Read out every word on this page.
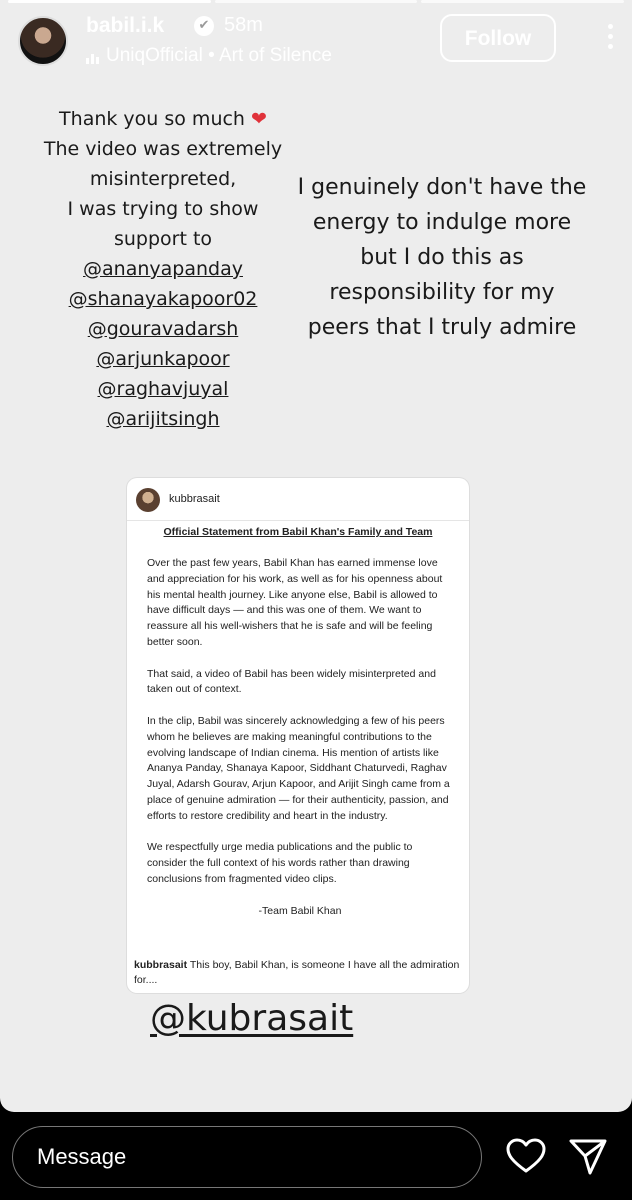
babil.i.k	✔ 58m
UniqOfficial • Art of Silence
Follow
Thank you so much ❤
The video was extremely
misinterpreted,
I was trying to show
support to
@ananyapanday
@shanayakapoor02
@gouravadarsh
@arjunkapoor
@raghavjuyal
@arijitsingh
I genuinely don't have the
energy to indulge more
but I do this as
responsibility for my
peers that I truly admire
kubbrasait
Official Statement from Babil Khan's Family and Team

Over the past few years, Babil Khan has earned immense love and appreciation for his work, as well as for his openness about his mental health journey. Like anyone else, Babil is allowed to have difficult days — and this was one of them. We want to reassure all his well-wishers that he is safe and will be feeling better soon.

That said, a video of Babil has been widely misinterpreted and taken out of context.

In the clip, Babil was sincerely acknowledging a few of his peers whom he believes are making meaningful contributions to the evolving landscape of Indian cinema. His mention of artists like Ananya Panday, Shanaya Kapoor, Siddhant Chaturvedi, Raghav Juyal, Adarsh Gourav, Arjun Kapoor, and Arijit Singh came from a place of genuine admiration — for their authenticity, passion, and efforts to restore credibility and heart in the industry.

We respectfully urge media publications and the public to consider the full context of his words rather than drawing conclusions from fragmented video clips.

-Team Babil Khan

kubbrasait This boy, Babil Khan, is someone I have all the admiration for....
@kubrasait
Message
